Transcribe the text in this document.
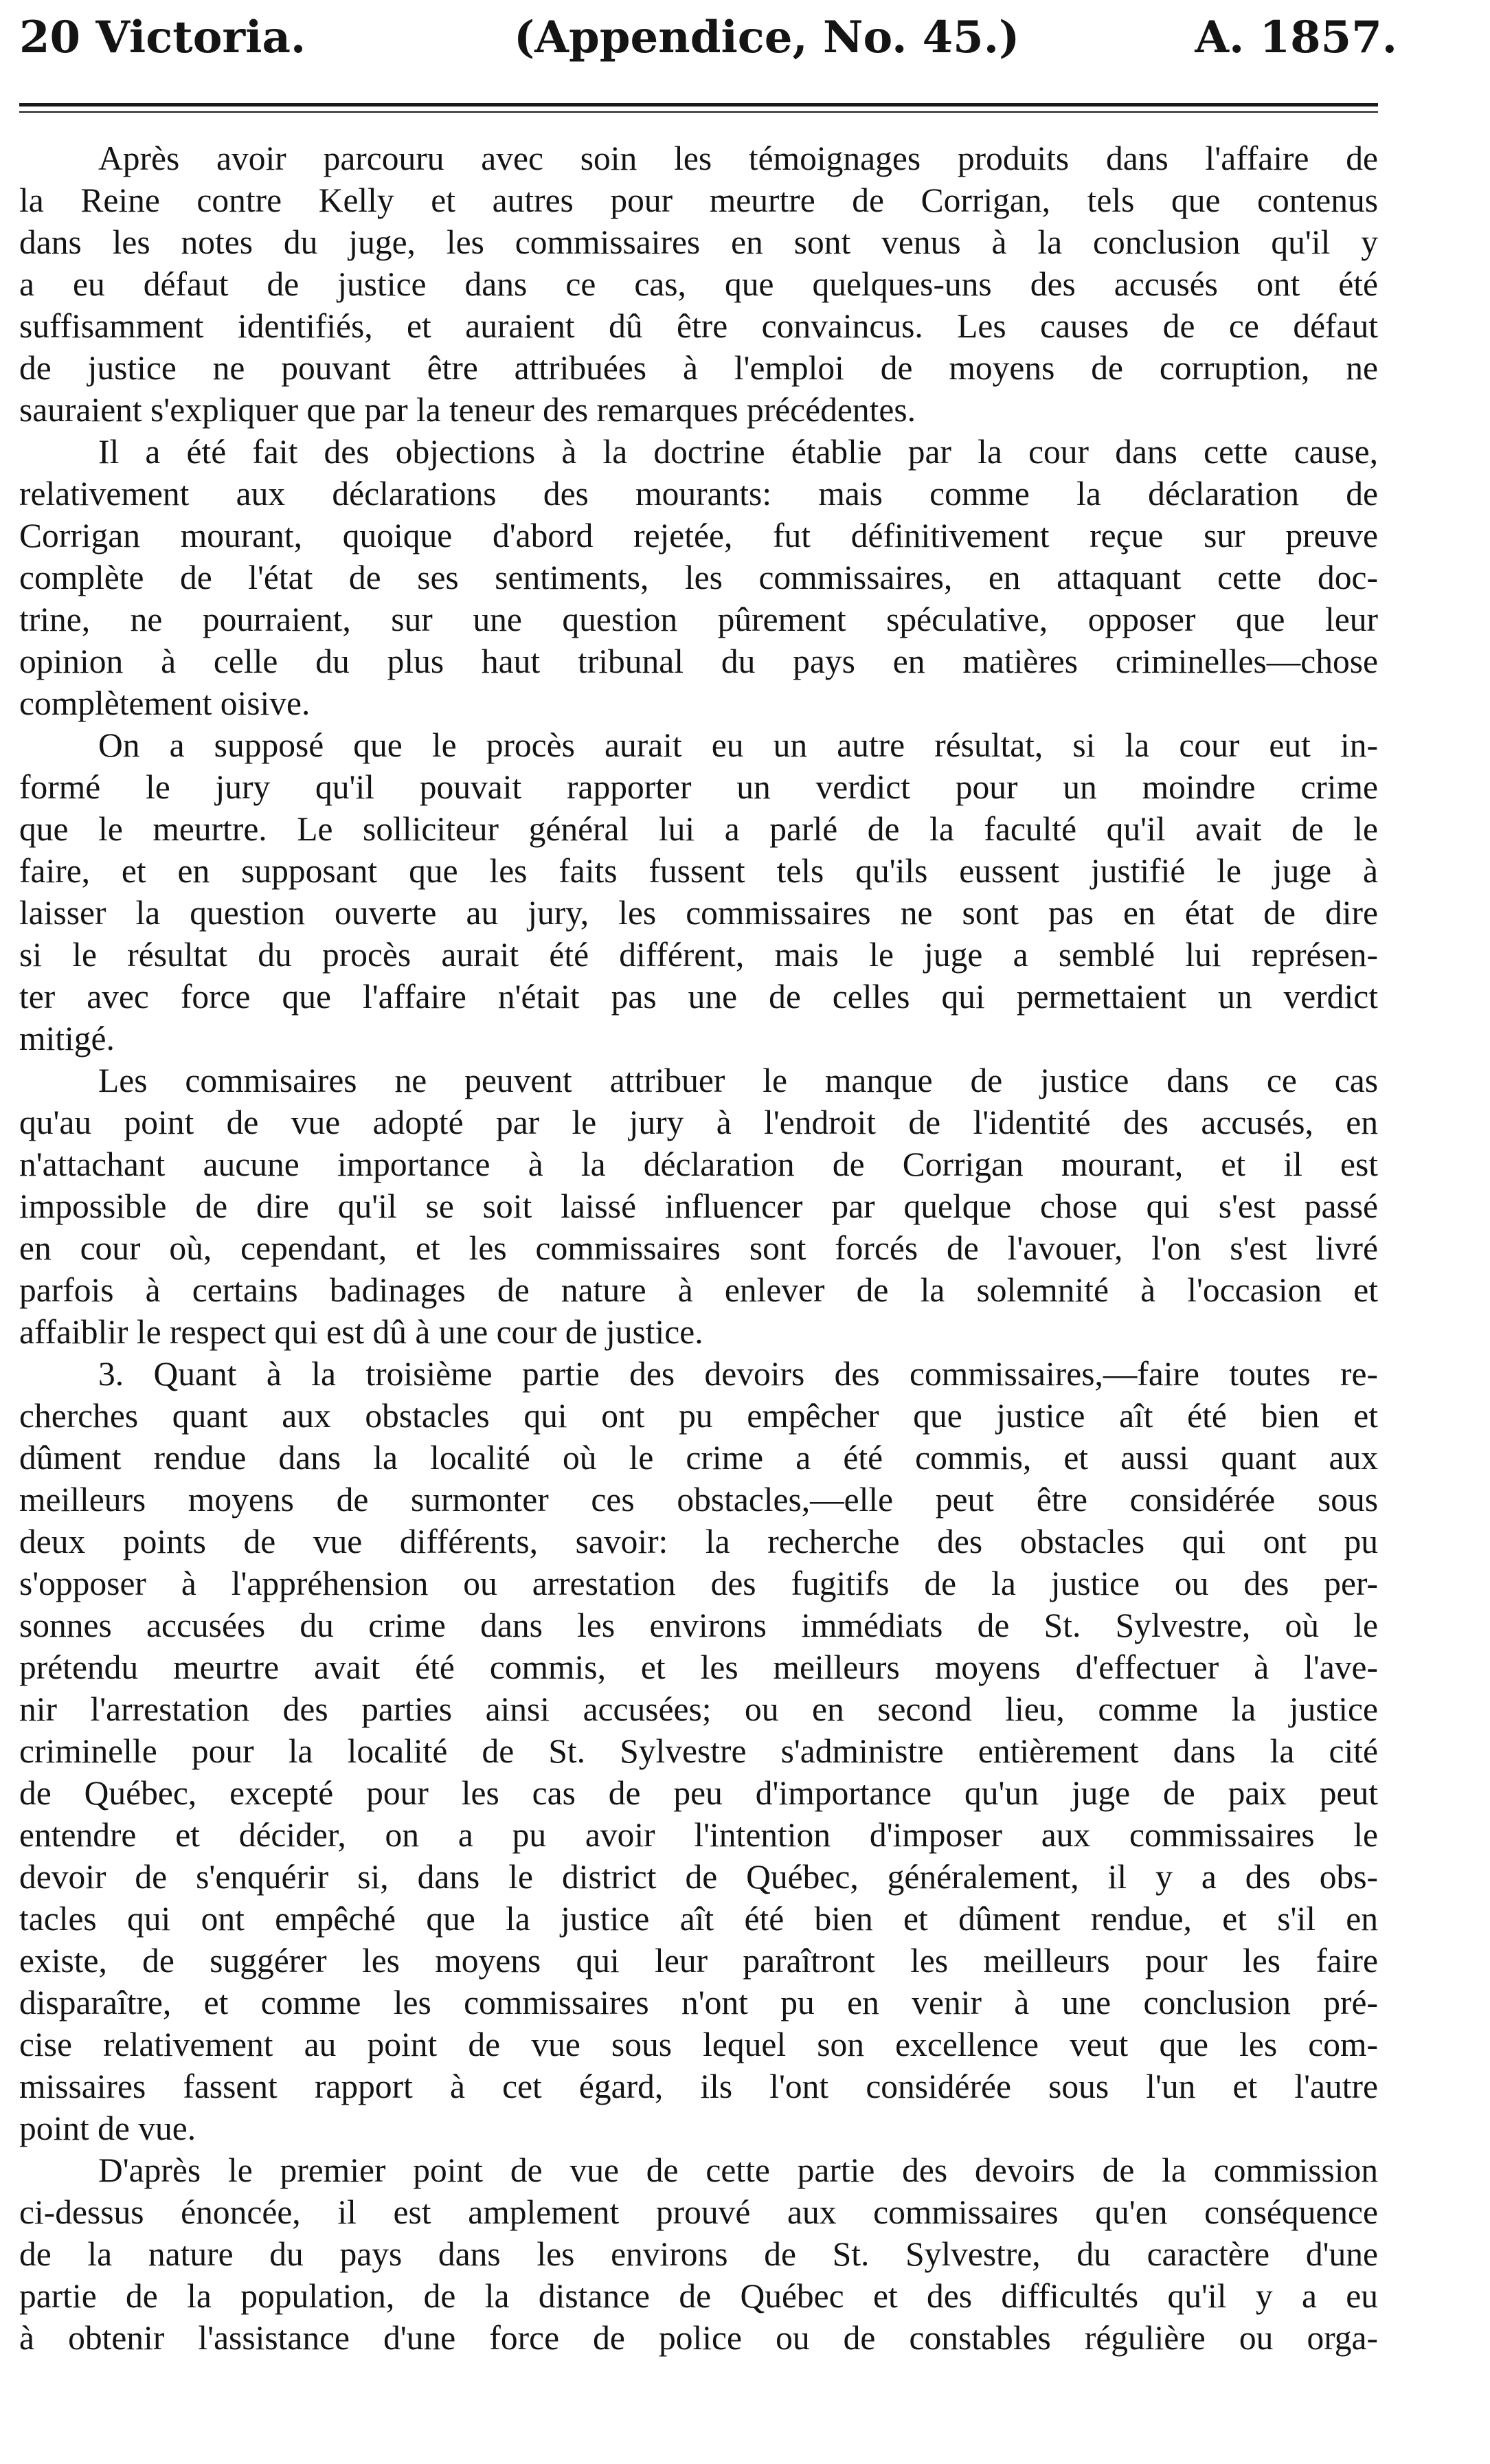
20 Victoria.	(Appendice, No. 45.)	A. 1857.
Après avoir parcouru avec soin les témoignages produits dans l'affaire de
la Reine contre Kelly et autres pour meurtre de Corrigan, tels que contenus
dans les notes du juge, les commissaires en sont venus à la conclusion qu'il y
a eu défaut de justice dans ce cas, que quelques-uns des accusés ont été
suffisamment identifiés, et auraient dû être convaincus. Les causes de ce défaut
de justice ne pouvant être attribuées à l'emploi de moyens de corruption, ne
sauraient s'expliquer que par la teneur des remarques précédentes.
Il a été fait des objections à la doctrine établie par la cour dans cette cause,
relativement aux déclarations des mourants: mais comme la déclaration de
Corrigan mourant, quoique d'abord rejetée, fut définitivement reçue sur preuve
complète de l'état de ses sentiments, les commissaires, en attaquant cette doc-
trine, ne pourraient, sur une question pûrement spéculative, opposer que leur
opinion à celle du plus haut tribunal du pays en matières criminelles—chose
complètement oisive.
On a supposé que le procès aurait eu un autre résultat, si la cour eut in-
formé le jury qu'il pouvait rapporter un verdict pour un moindre crime
que le meurtre. Le solliciteur général lui a parlé de la faculté qu'il avait de le
faire, et en supposant que les faits fussent tels qu'ils eussent justifié le juge à
laisser la question ouverte au jury, les commissaires ne sont pas en état de dire
si le résultat du procès aurait été différent, mais le juge a semblé lui représen-
ter avec force que l'affaire n'était pas une de celles qui permettaient un verdict
mitigé.
Les commisaires ne peuvent attribuer le manque de justice dans ce cas
qu'au point de vue adopté par le jury à l'endroit de l'identité des accusés, en
n'attachant aucune importance à la déclaration de Corrigan mourant, et il est
impossible de dire qu'il se soit laissé influencer par quelque chose qui s'est passé
en cour où, cependant, et les commissaires sont forcés de l'avouer, l'on s'est livré
parfois à certains badinages de nature à enlever de la solemnité à l'occasion et
affaiblir le respect qui est dû à une cour de justice.
3. Quant à la troisième partie des devoirs des commissaires,—faire toutes re-
cherches quant aux obstacles qui ont pu empêcher que justice aît été bien et
dûment rendue dans la localité où le crime a été commis, et aussi quant aux
meilleurs moyens de surmonter ces obstacles,—elle peut être considérée sous
deux points de vue différents, savoir: la recherche des obstacles qui ont pu
s'opposer à l'appréhension ou arrestation des fugitifs de la justice ou des per-
sonnes accusées du crime dans les environs immédiats de St. Sylvestre, où le
prétendu meurtre avait été commis, et les meilleurs moyens d'effectuer à l'ave-
nir l'arrestation des parties ainsi accusées; ou en second lieu, comme la justice
criminelle pour la localité de St. Sylvestre s'administre entièrement dans la cité
de Québec, excepté pour les cas de peu d'importance qu'un juge de paix peut
entendre et décider, on a pu avoir l'intention d'imposer aux commissaires le
devoir de s'enquérir si, dans le district de Québec, généralement, il y a des obs-
tacles qui ont empêché que la justice aît été bien et dûment rendue, et s'il en
existe, de suggérer les moyens qui leur paraîtront les meilleurs pour les faire
disparaître, et comme les commissaires n'ont pu en venir à une conclusion pré-
cise relativement au point de vue sous lequel son excellence veut que les com-
missaires fassent rapport à cet égard, ils l'ont considérée sous l'un et l'autre
point de vue.
D'après le premier point de vue de cette partie des devoirs de la commission
ci-dessus énoncée, il est amplement prouvé aux commissaires qu'en conséquence
de la nature du pays dans les environs de St. Sylvestre, du caractère d'une
partie de la population, de la distance de Québec et des difficultés qu'il y a eu
à obtenir l'assistance d'une force de police ou de constables régulière ou orga-
